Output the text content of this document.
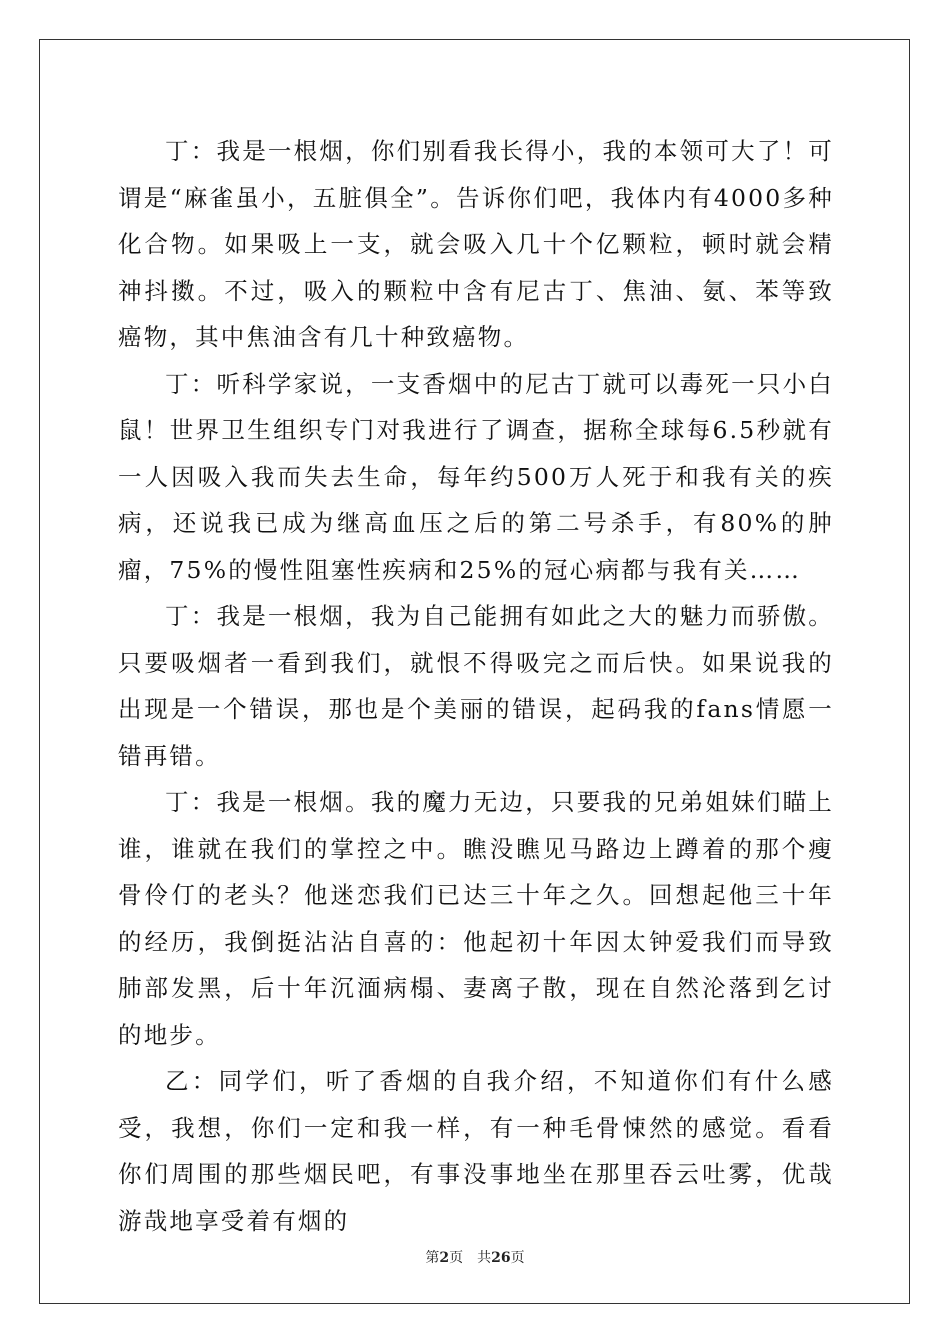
丁：我是一根烟，你们别看我长得小，我的本领可大了！可谓是“麻雀虽小，五脏俱全”。告诉你们吧，我体内有4000多种化合物。如果吸上一支，就会吸入几十个亿颗粒，顿时就会精神抖擞。不过，吸入的颗粒中含有尼古丁、焦油、氨、苯等致癌物，其中焦油含有几十种致癌物。

丁：听科学家说，一支香烟中的尼古丁就可以毒死一只小白鼠！世界卫生组织专门对我进行了调查，据称全球每6.5秒就有一人因吸入我而失去生命，每年约500万人死于和我有关的疾病，还说我已成为继高血压之后的第二号杀手，有80%的肿瘤，75%的慢性阻塞性疾病和25%的冠心病都与我有关……

丁：我是一根烟，我为自己能拥有如此之大的魅力而骄傲。只要吸烟者一看到我们，就恨不得吸完之而后快。如果说我的出现是一个错误，那也是个美丽的错误，起码我的fans情愿一错再错。

丁：我是一根烟。我的魔力无边，只要我的兄弟姐妹们瞄上谁，谁就在我们的掌控之中。瞧没瞧见马路边上蹲着的那个瘦骨伶仃的老头？他迷恋我们已达三十年之久。回想起他三十年的经历，我倒挺沾沾自喜的：他起初十年因太钟爱我们而导致肺部发黑，后十年沉湎病榻、妻离子散，现在自然沦落到乞讨的地步。

乙：同学们，听了香烟的自我介绍，不知道你们有什么感受，我想，你们一定和我一样，有一种毛骨悚然的感觉。看看你们周围的那些烟民吧，有事没事地坐在那里吞云吐雾，优哉游哉地享受着有烟的

第2页 共26页
